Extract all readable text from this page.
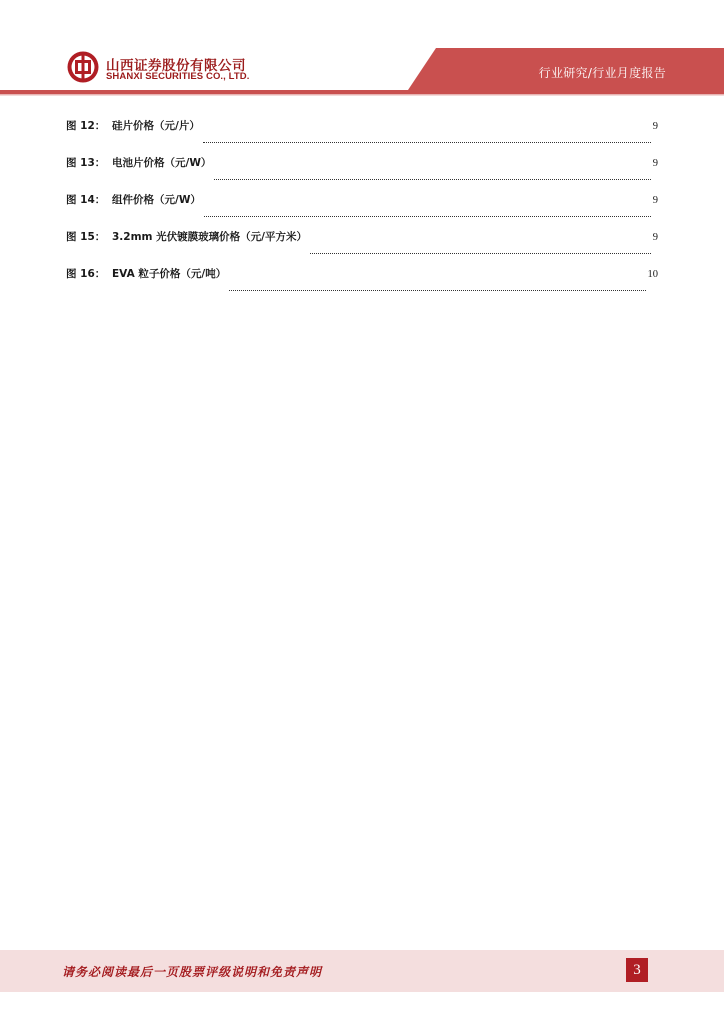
山西证券股份有限公司
SHANXI SECURITIES CO., LTD.	行业研究/行业月度报告
图 12： 硅片价格（元/片）	9
图 13： 电池片价格（元/W）	9
图 14： 组件价格（元/W）	9
图 15： 3.2mm 光伏镀膜玻璃价格（元/平方米）	9
图 16： EVA 粒子价格（元/吨）	10
请务必阅读最后一页股票评级说明和免责声明	3
